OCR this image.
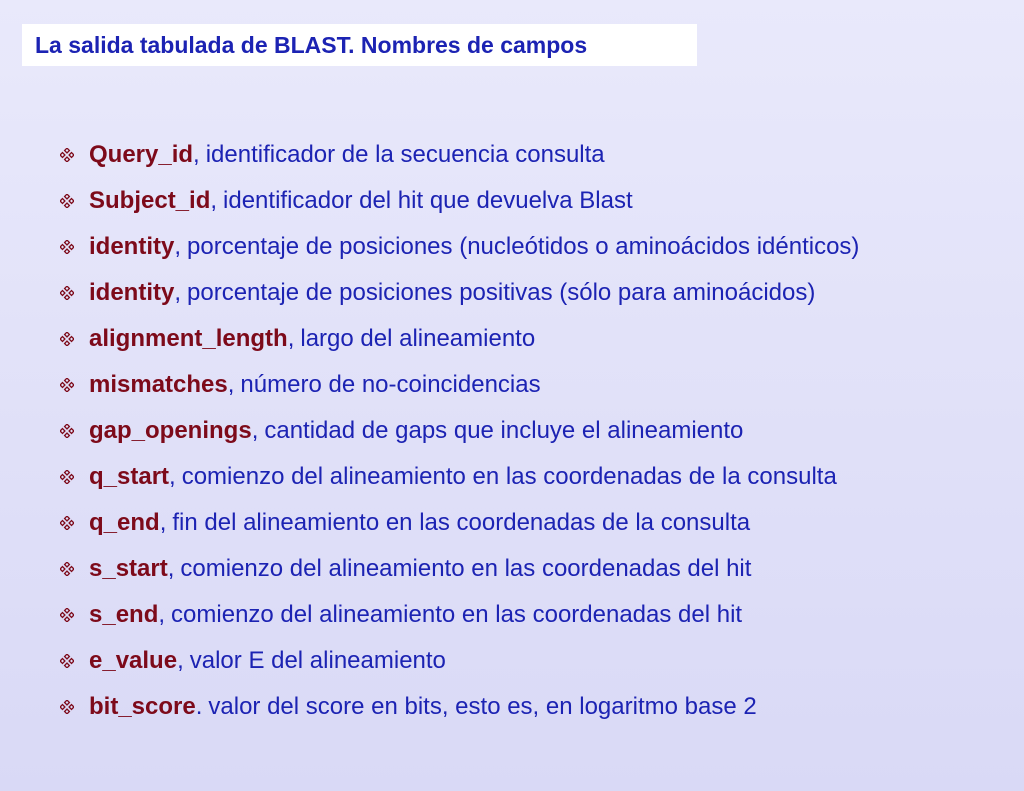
La salida tabulada de BLAST. Nombres de campos
Query_id , identificador de la secuencia consulta
Subject_id , identificador del hit que devuelva Blast
identity , porcentaje de posiciones (nucleótidos o aminoácidos idénticos)
identity , porcentaje de posiciones positivas (sólo para aminoácidos)
alignment_length , largo del alineamiento
mismatches , número de no-coincidencias
gap_openings , cantidad de gaps que incluye el alineamiento
q_start , comienzo del alineamiento en las coordenadas de la consulta
q_end , fin del alineamiento en las coordenadas de la consulta
s_start , comienzo del alineamiento en las coordenadas del hit
s_end , comienzo del alineamiento en las coordenadas del hit
e_value , valor E del alineamiento
bit_score . valor del score en bits, esto es, en logaritmo base 2
